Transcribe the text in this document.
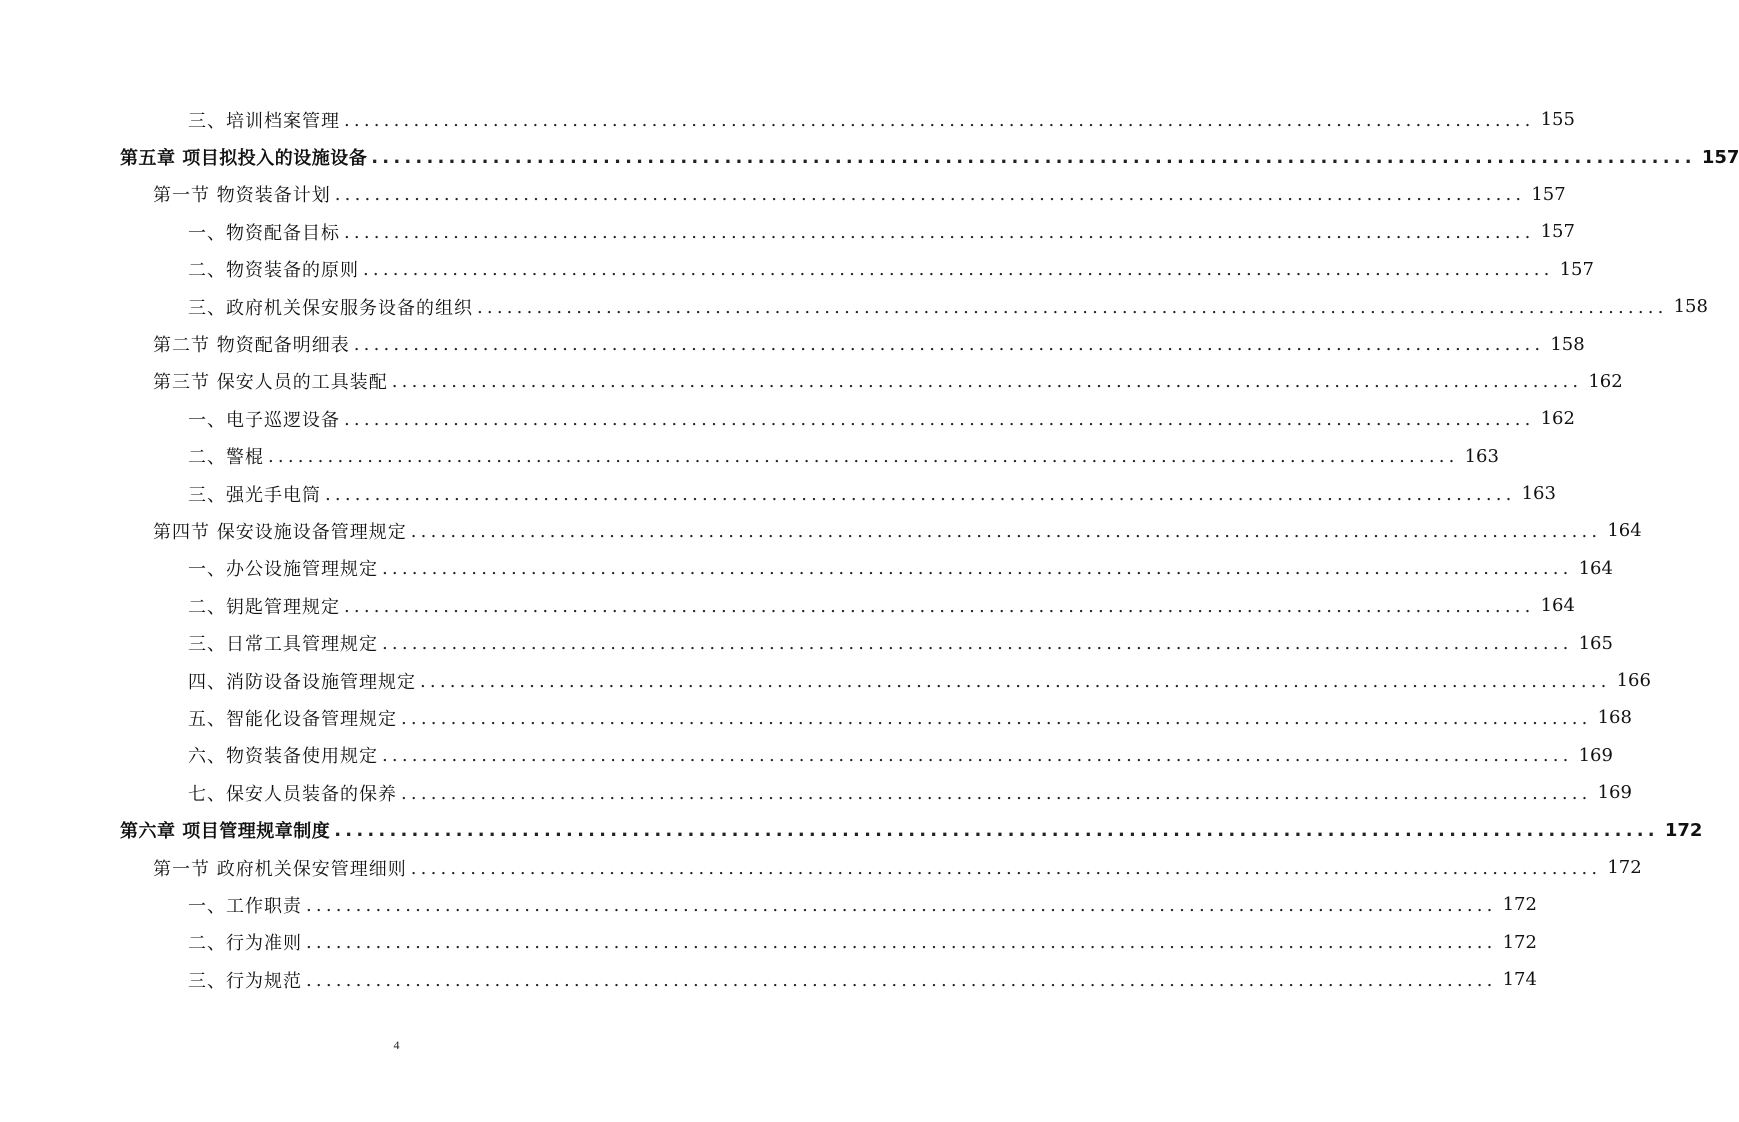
三、培训档案管理 ........................................................................................................................ 155
第五章 项目拟投入的设施设备 ........................................................................................................................ 157
第一节 物资装备计划 ........................................................................................................................ 157
一、物资配备目标 ........................................................................................................................ 157
二、物资装备的原则 ........................................................................................................................ 157
三、政府机关保安服务设备的组织 ........................................................................................................................ 158
第二节 物资配备明细表 ........................................................................................................................ 158
第三节 保安人员的工具装配 ........................................................................................................................ 162
一、电子巡逻设备 ........................................................................................................................ 162
二、警棍 ........................................................................................................................ 163
三、强光手电筒 ........................................................................................................................ 163
第四节 保安设施设备管理规定 ........................................................................................................................ 164
一、办公设施管理规定 ........................................................................................................................ 164
二、钥匙管理规定 ........................................................................................................................ 164
三、日常工具管理规定 ........................................................................................................................ 165
四、消防设备设施管理规定 ........................................................................................................................ 166
五、智能化设备管理规定 ........................................................................................................................ 168
六、物资装备使用规定 ........................................................................................................................ 169
七、保安人员装备的保养 ........................................................................................................................ 169
第六章 项目管理规章制度 ........................................................................................................................ 172
第一节 政府机关保安管理细则 ........................................................................................................................ 172
一、工作职责 ........................................................................................................................ 172
二、行为准则 ........................................................................................................................ 172
三、行为规范 ........................................................................................................................ 174
4
